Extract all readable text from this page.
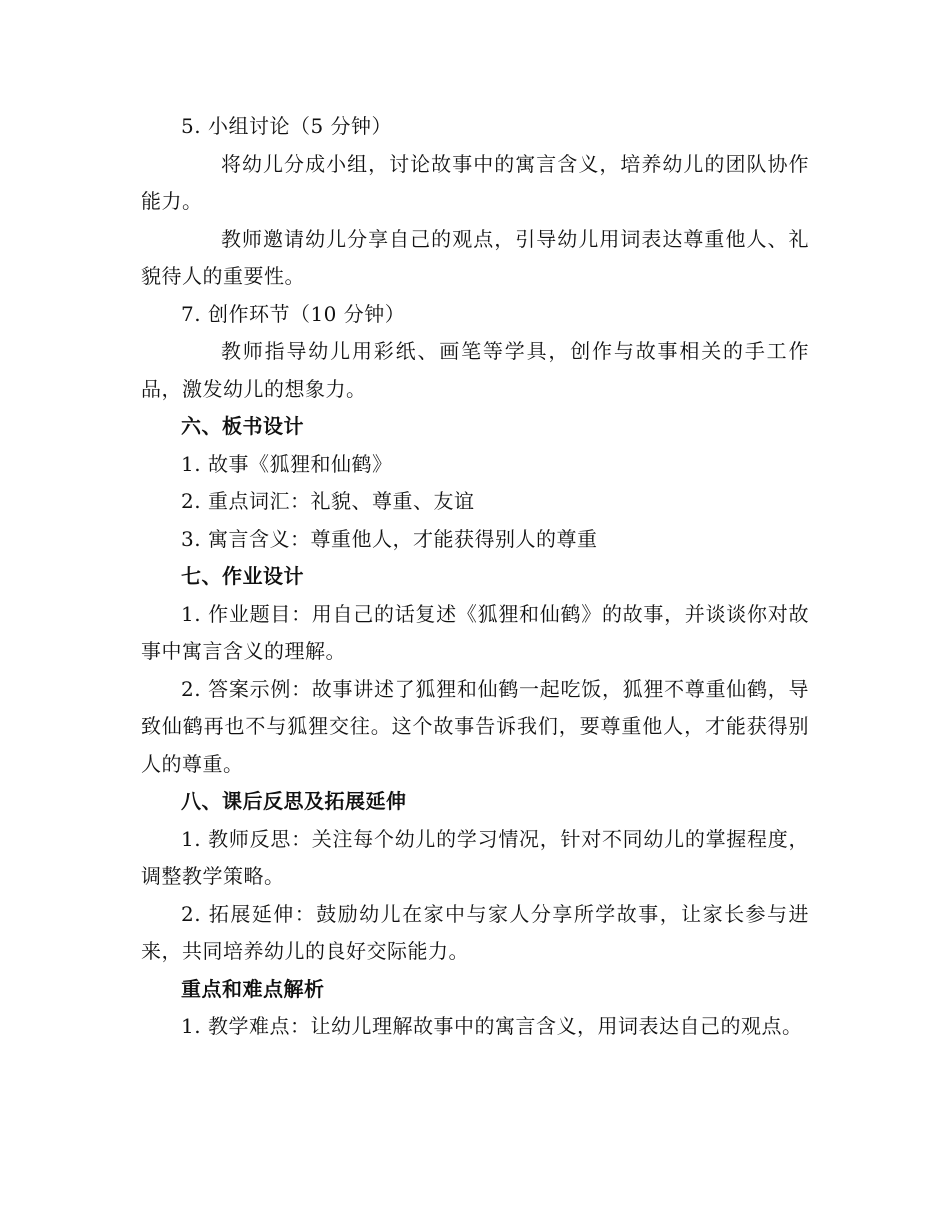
5. 小组讨论（5 分钟）

将幼儿分成小组，讨论故事中的寓言含义，培养幼儿的团队协作能力。

教师邀请幼儿分享自己的观点，引导幼儿用词表达尊重他人、礼貌待人的重要性。

7. 创作环节（10 分钟）

教师指导幼儿用彩纸、画笔等学具，创作与故事相关的手工作品，激发幼儿的想象力。

六、板书设计

1. 故事《狐狸和仙鹤》

2. 重点词汇：礼貌、尊重、友谊

3. 寓言含义：尊重他人，才能获得别人的尊重

七、作业设计

1. 作业题目：用自己的话复述《狐狸和仙鹤》的故事，并谈谈你对故事中寓言含义的理解。

2. 答案示例：故事讲述了狐狸和仙鹤一起吃饭，狐狸不尊重仙鹤，导致仙鹤再也不与狐狸交往。这个故事告诉我们，要尊重他人，才能获得别人的尊重。

八、课后反思及拓展延伸

1. 教师反思：关注每个幼儿的学习情况，针对不同幼儿的掌握程度，调整教学策略。

2. 拓展延伸：鼓励幼儿在家中与家人分享所学故事，让家长参与进来，共同培养幼儿的良好交际能力。

重点和难点解析

1. 教学难点：让幼儿理解故事中的寓言含义，用词表达自己的观点。
